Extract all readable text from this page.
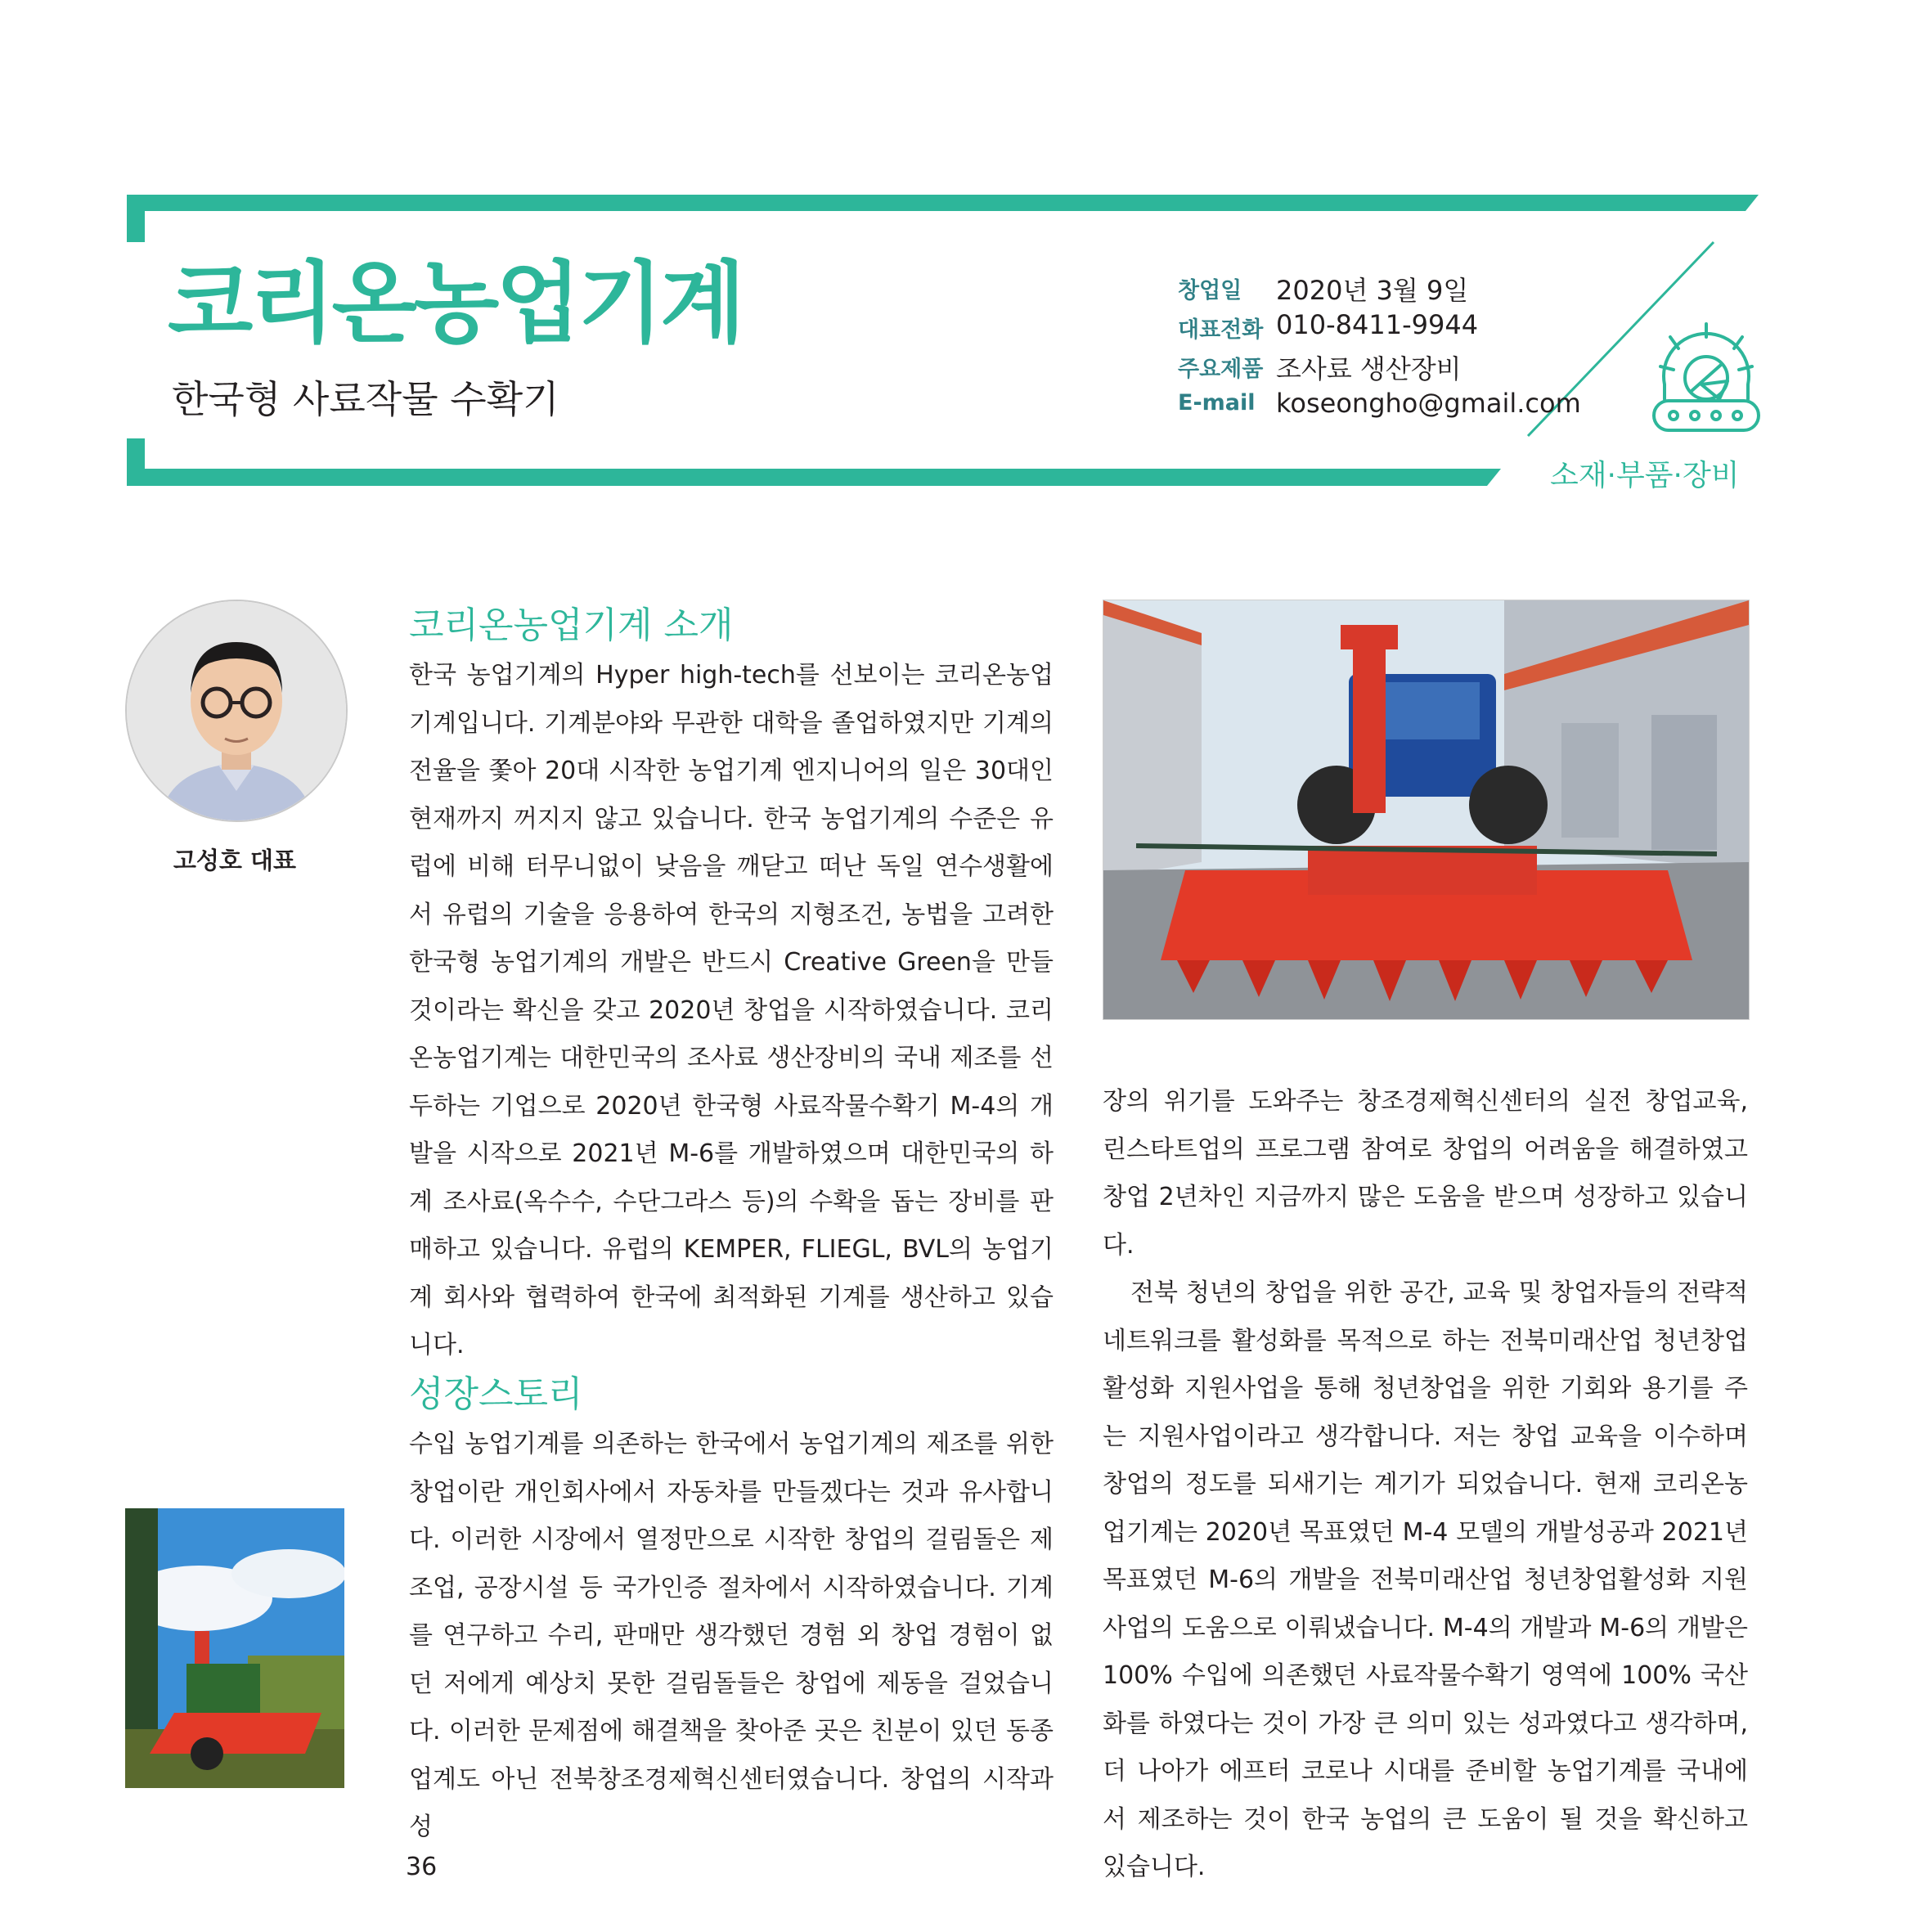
코리온농업기계
한국형 사료작물 수확기
창업일 2020년 3월 9일
대표전화 010-8411-9944
주요제품 조사료 생산장비
E-mail koseongho@gmail.com
소재·부품·장비
고성호 대표
코리온농업기계 소개
한국 농업기계의 Hyper high-tech를 선보이는 코리온농업기계입니다. 기계분야와 무관한 대학을 졸업하였지만 기계의 전율을 쫓아 20대 시작한 농업기계 엔지니어의 일은 30대인 현재까지 꺼지지 않고 있습니다. 한국 농업기계의 수준은 유럽에 비해 터무니없이 낮음을 깨닫고 떠난 독일 연수생활에서 유럽의 기술을 응용하여 한국의 지형조건, 농법을 고려한 한국형 농업기계의 개발은 반드시 Creative Green을 만들 것이라는 확신을 갖고 2020년 창업을 시작하였습니다. 코리온농업기계는 대한민국의 조사료 생산장비의 국내 제조를 선두하는 기업으로 2020년 한국형 사료작물수확기 M-4의 개발을 시작으로 2021년 M-6를 개발하였으며 대한민국의 하계 조사료(옥수수, 수단그라스 등)의 수확을 돕는 장비를 판매하고 있습니다. 유럽의 KEMPER, FLIEGL, BVL의 농업기계 회사와 협력하여 한국에 최적화된 기계를 생산하고 있습니다.
성장스토리
수입 농업기계를 의존하는 한국에서 농업기계의 제조를 위한 창업이란 개인회사에서 자동차를 만들겠다는 것과 유사합니다. 이러한 시장에서 열정만으로 시작한 창업의 걸림돌은 제조업, 공장시설 등 국가인증 절차에서 시작하였습니다. 기계를 연구하고 수리, 판매만 생각했던 경험 외 창업 경험이 없던 저에게 예상치 못한 걸림돌들은 창업에 제동을 걸었습니다. 이러한 문제점에 해결책을 찾아준 곳은 친분이 있던 동종업계도 아닌 전북창조경제혁신센터였습니다. 창업의 시작과 성
장의 위기를 도와주는 창조경제혁신센터의 실전 창업교육, 린스타트업의 프로그램 참여로 창업의 어려움을 해결하였고 창업 2년차인 지금까지 많은 도움을 받으며 성장하고 있습니다.
전북 청년의 창업을 위한 공간, 교육 및 창업자들의 전략적 네트워크를 활성화를 목적으로 하는 전북미래산업 청년창업 활성화 지원사업을 통해 청년창업을 위한 기회와 용기를 주는 지원사업이라고 생각합니다. 저는 창업 교육을 이수하며 창업의 정도를 되새기는 계기가 되었습니다. 현재 코리온농업기계는 2020년 목표였던 M-4 모델의 개발성공과 2021년 목표였던 M-6의 개발을 전북미래산업 청년창업활성화 지원사업의 도움으로 이뤄냈습니다. M-4의 개발과 M-6의 개발은 100% 수입에 의존했던 사료작물수확기 영역에 100% 국산화를 하였다는 것이 가장 큰 의미 있는 성과였다고 생각하며, 더 나아가 에프터 코로나 시대를 준비할 농업기계를 국내에서 제조하는 것이 한국 농업의 큰 도움이 될 것을 확신하고 있습니다.
36
